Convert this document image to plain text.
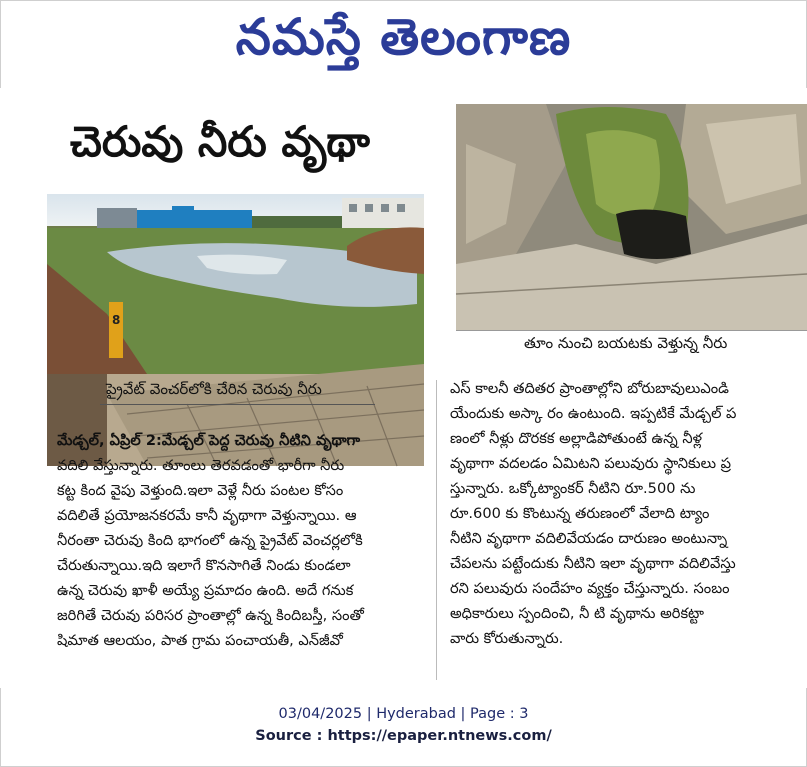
నమస్తే తెలంగాణ
చెరువు నీరు వృథా
8
ప్రైవేట్ వెంచర్‌లోకి చేరిన చెరువు నీరు
తూం నుంచి బయటకు వెళ్తున్న నీరు
మేడ్చల్, ఏప్రిల్ 2:మేడ్చల్ పెద్ద చెరువు నీటిని వృథాగా
వదిలి వేస్తున్నారు. తూంలు తెరవడంతో భారీగా నీరు
కట్ట కింద వైపు వెళ్తుంది.ఇలా వెళ్లే నీరు పంటల కోసం
వదిలితే ప్రయోజనకరమే కానీ వృథాగా వెళ్తున్నాయి. ఆ
నీరంతా చెరువు కింది భాగంలో ఉన్న ప్రైవేట్ వెంచర్లలోకి
చేరుతున్నాయి.ఇది ఇలాగే కొనసాగితే నిండు కుండలా
ఉన్న చెరువు ఖాళీ అయ్యే ప్రమాదం ఉంది. అదే గనుక
జరిగితే చెరువు పరిసర ప్రాంతాల్లో ఉన్న కిందిబస్తీ, సంతో
షిమాత ఆలయం, పాత గ్రామ పంచాయతీ, ఎన్‌జీవో
ఎస్ కాలనీ తదితర ప్రాంతాల్లోని బోరుబావులుఎండి
యేందుకు అస్కా రం ఉంటుంది. ఇప్పటికే మేడ్చల్ ప
ణంలో నీళ్లు దొరకక అల్లాడిపోతుంటే ఉన్న నీళ్ల
వృథాగా వదలడం ఏమిటని పలువురు స్థానికులు ప్ర
స్తున్నారు. ఒక్కోట్యాంకర్ నీటిని రూ.500 ను
రూ.600 కు కొంటున్న తరుణంలో వేలాది ట్యాం
నీటిని వృథాగా వదిలివేయడం దారుణం అంటున్నా
చేపలను పట్టేందుకు నీటిని ఇలా వృథాగా వదిలివేస్తు
రని పలువురు సందేహం వ్యక్తం చేస్తున్నారు. సంబం
అధికారులు స్పందించి, నీ టి వృథాను అరికట్టా
వారు కోరుతున్నారు.
03/04/2025 | Hyderabad | Page : 3
Source : https://epaper.ntnews.com/
